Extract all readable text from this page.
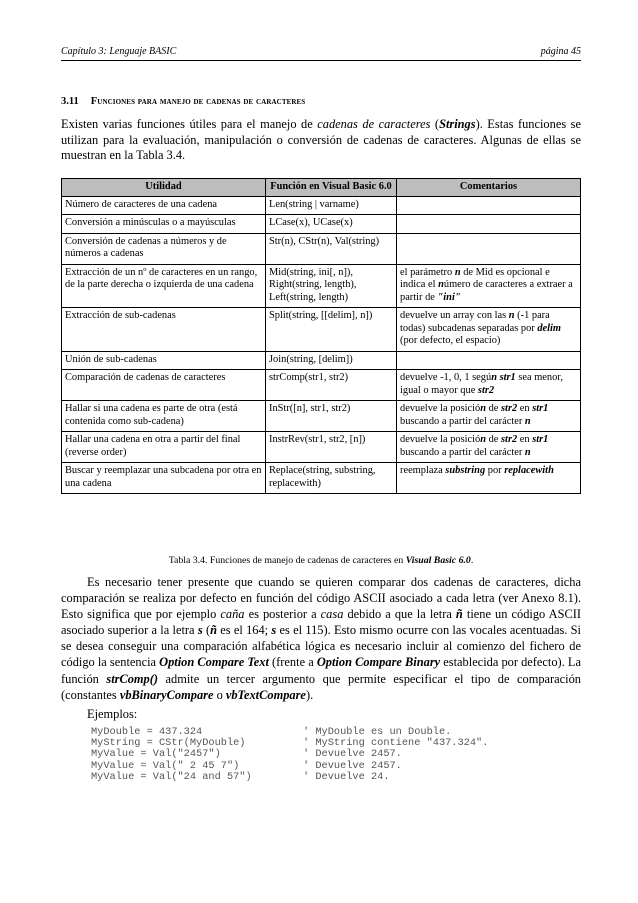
Capítulo 3: Lenguaje BASIC	página 45
3.11 Funciones para manejo de cadenas de caracteres
Existen varias funciones útiles para el manejo de cadenas de caracteres (Strings). Estas funciones se utilizan para la evaluación, manipulación o conversión de cadenas de caracteres. Algunas de ellas se muestran en la Tabla 3.4.
Utilidad	Función en Visual Basic 6.0	Comentarios
Número de caracteres de una cadena	Len(string | varname)	
Conversión a minúsculas o a mayúsculas	LCase(x), UCase(x)	
Conversión de cadenas a números y de números a cadenas	Str(n), CStr(n), Val(string)	
Extracción de un nº de caracteres en un rango, de la parte derecha o izquierda de una cadena	Mid(string, ini[, n]), Right(string, length), Left(string, length)	el parámetro n de Mid es opcional e indica el número de caracteres a extraer a partir de "ini"
Extracción de sub-cadenas	Split(string, [[delim], n])	devuelve un array con las n (-1 para todas) subcadenas separadas por delim (por defecto, el espacio)
Unión de sub-cadenas	Join(string, [delim])	
Comparación de cadenas de caracteres	strComp(str1, str2)	devuelve -1, 0, 1 según str1 sea menor, igual o mayor que str2
Hallar si una cadena es parte de otra (está contenida como sub-cadena)	InStr([n], str1, str2)	devuelve la posición de str2 en str1 buscando a partir del carácter n
Hallar una cadena en otra a partir del final (reverse order)	InstrRev(str1, str2, [n])	devuelve la posición de str2 en str1 buscando a partir del carácter n
Buscar y reemplazar una subcadena por otra en una cadena	Replace(string, substring, replacewith)	reemplaza substring por replacewith
Tabla 3.4. Funciones de manejo de cadenas de caracteres en Visual Basic 6.0.
Es necesario tener presente que cuando se quieren comparar dos cadenas de caracteres, dicha comparación se realiza por defecto en función del código ASCII asociado a cada letra (ver Anexo 8.1). Esto significa que por ejemplo caña es posterior a casa debido a que la letra ñ tiene un código ASCII asociado superior a la letra s (ñ es el 164; s es el 115). Esto mismo ocurre con las vocales acentuadas. Si se desea conseguir una comparación alfabética lógica es necesario incluir al comienzo del fichero de código la sentencia Option Compare Text (frente a Option Compare Binary establecida por defecto). La función strComp() admite un tercer argumento que permite especificar el tipo de comparación (constantes vbBinaryCompare o vbTextCompare).
Ejemplos:
MyDouble = 437.324	' MyDouble es un Double.
MyString = CStr(MyDouble)	' MyString contiene "437.324".
MyValue = Val("2457")	' Devuelve 2457.
MyValue = Val(" 2 45 7")	' Devuelve 2457.
MyValue = Val("24 and 57")	' Devuelve 24.
